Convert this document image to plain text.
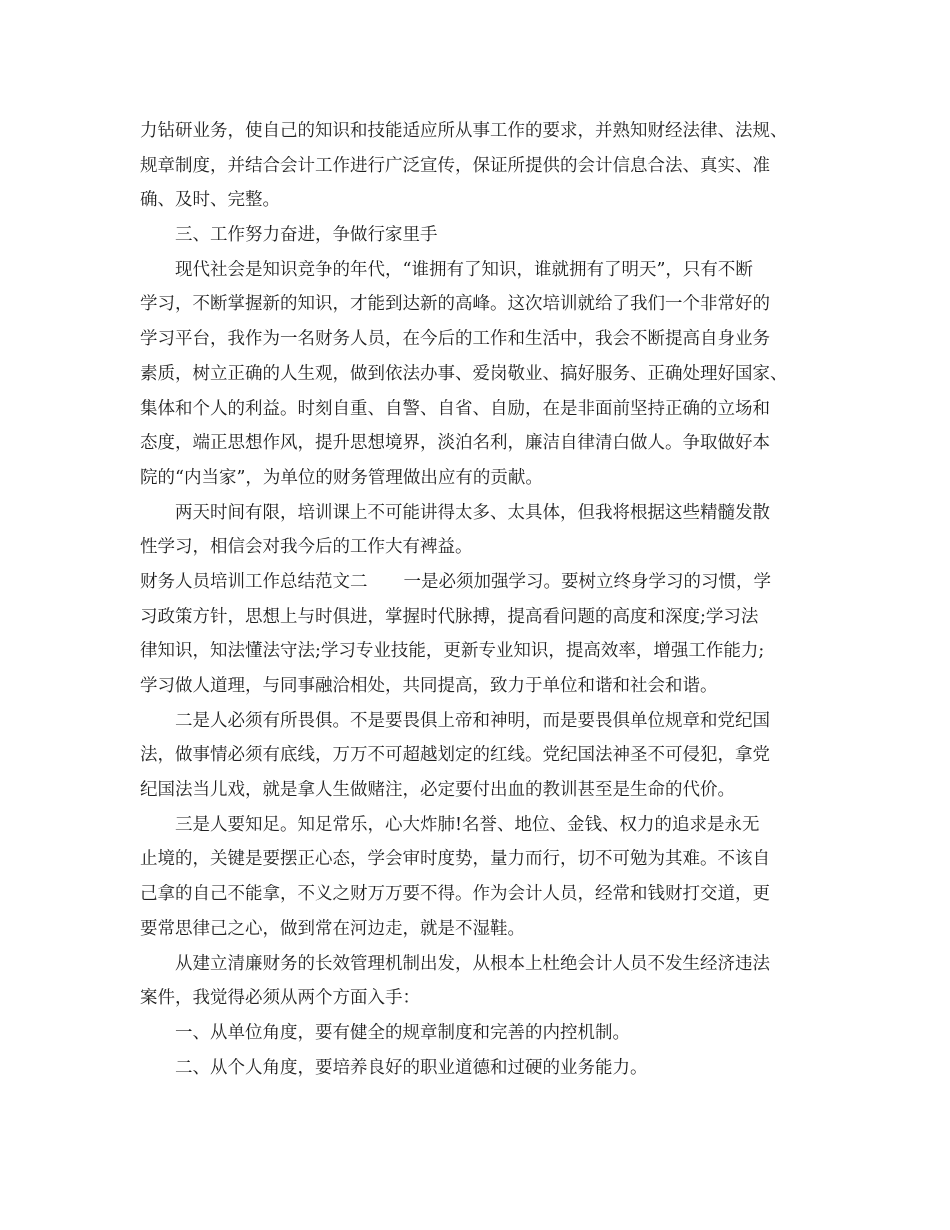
力钻研业务，使自己的知识和技能适应所从事工作的要求，并熟知财经法律、法规、
规章制度，并结合会计工作进行广泛宣传，保证所提供的会计信息合法、真实、准
确、及时、完整。
三、工作努力奋进，争做行家里手
现代社会是知识竞争的年代，“谁拥有了知识，谁就拥有了明天”，只有不断
学习，不断掌握新的知识，才能到达新的高峰。这次培训就给了我们一个非常好的
学习平台，我作为一名财务人员，在今后的工作和生活中，我会不断提高自身业务
素质，树立正确的人生观，做到依法办事、爱岗敬业、搞好服务、正确处理好国家、
集体和个人的利益。时刻自重、自警、自省、自励，在是非面前坚持正确的立场和
态度，端正思想作风，提升思想境界，淡泊名利，廉洁自律清白做人。争取做好本
院的“内当家”，为单位的财务管理做出应有的贡献。
两天时间有限，培训课上不可能讲得太多、太具体，但我将根据这些精髓发散
性学习，相信会对我今后的工作大有裨益。
财务人员培训工作总结范文二 一是必须加强学习。要树立终身学习的习惯，学
习政策方针，思想上与时俱进，掌握时代脉搏，提高看问题的高度和深度;学习法
律知识，知法懂法守法;学习专业技能，更新专业知识，提高效率，增强工作能力;
学习做人道理，与同事融洽相处，共同提高，致力于单位和谐和社会和谐。
二是人必须有所畏俱。不是要畏俱上帝和神明，而是要畏俱单位规章和党纪国
法，做事情必须有底线，万万不可超越划定的红线。党纪国法神圣不可侵犯，拿党
纪国法当儿戏，就是拿人生做赌注，必定要付出血的教训甚至是生命的代价。
三是人要知足。知足常乐，心大炸肺!名誉、地位、金钱、权力的追求是永无
止境的，关键是要摆正心态，学会审时度势，量力而行，切不可勉为其难。不该自
己拿的自己不能拿，不义之财万万要不得。作为会计人员，经常和钱财打交道，更
要常思律己之心，做到常在河边走，就是不湿鞋。
从建立清廉财务的长效管理机制出发，从根本上杜绝会计人员不发生经济违法
案件，我觉得必须从两个方面入手：
一、从单位角度，要有健全的规章制度和完善的内控机制。
二、从个人角度，要培养良好的职业道德和过硬的业务能力。
